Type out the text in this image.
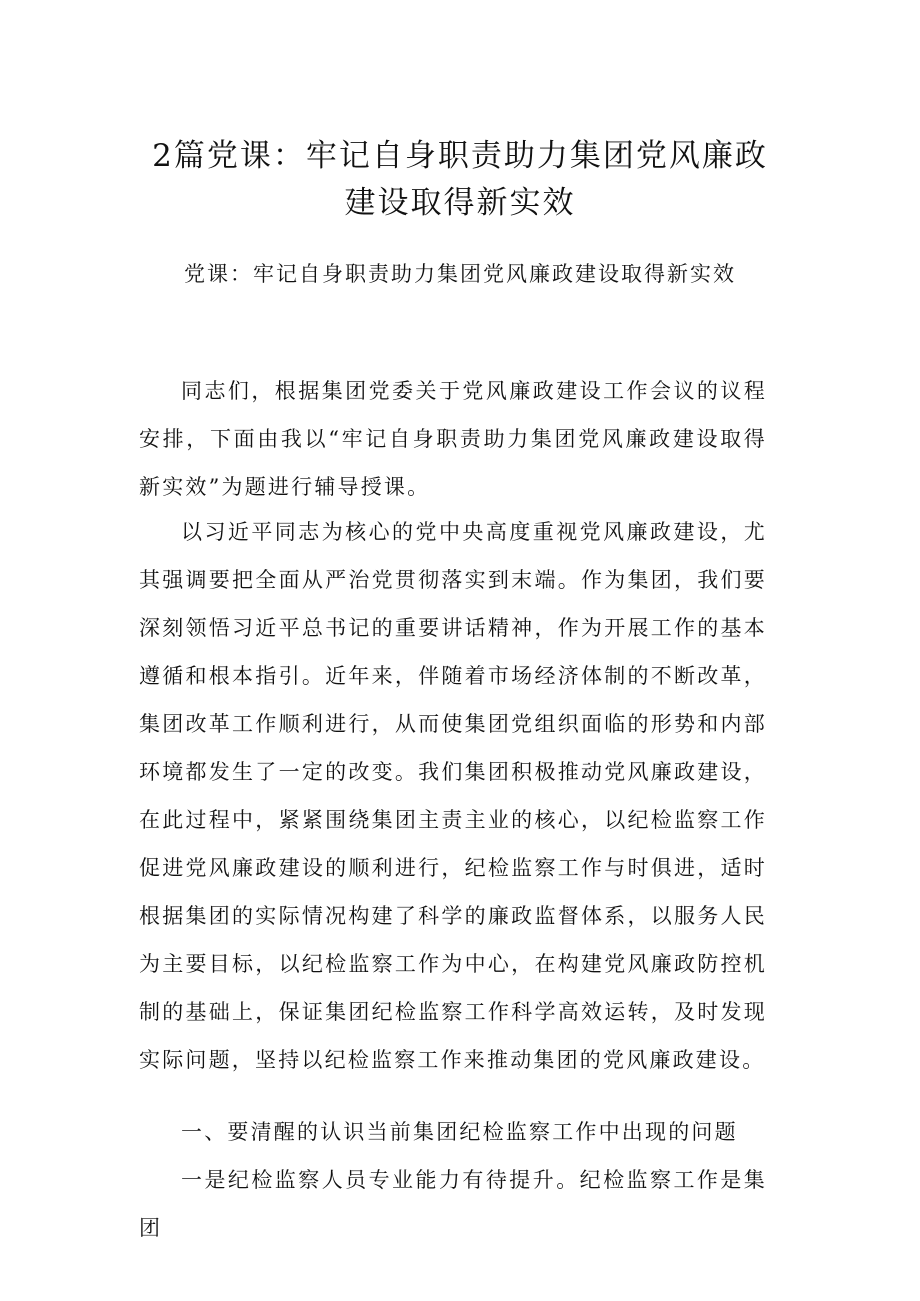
2篇党课：牢记自身职责助力集团党风廉政建设取得新实效

党课：牢记自身职责助力集团党风廉政建设取得新实效

同志们，根据集团党委关于党风廉政建设工作会议的议程安排，下面由我以“牢记自身职责助力集团党风廉政建设取得新实效”为题进行辅导授课。

以习近平同志为核心的党中央高度重视党风廉政建设，尤其强调要把全面从严治党贯彻落实到末端。作为集团，我们要深刻领悟习近平总书记的重要讲话精神，作为开展工作的基本遵循和根本指引。近年来，伴随着市场经济体制的不断改革，集团改革工作顺利进行，从而使集团党组织面临的形势和内部环境都发生了一定的改变。我们集团积极推动党风廉政建设，在此过程中，紧紧围绕集团主责主业的核心，以纪检监察工作促进党风廉政建设的顺利进行，纪检监察工作与时俱进，适时根据集团的实际情况构建了科学的廉政监督体系，以服务人民为主要目标，以纪检监察工作为中心，在构建党风廉政防控机制的基础上，保证集团纪检监察工作科学高效运转，及时发现实际问题，坚持以纪检监察工作来推动集团的党风廉政建设。

一、要清醒的认识当前集团纪检监察工作中出现的问题

一是纪检监察人员专业能力有待提升。纪检监察工作是集团
